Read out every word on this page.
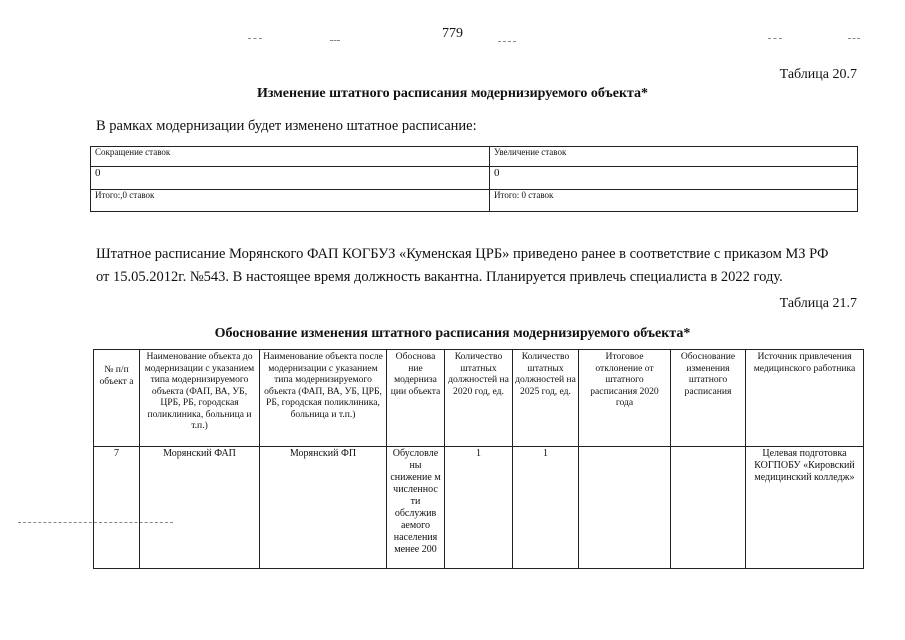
779
Таблица 20.7
Изменение штатного расписания модернизируемого объекта*
В рамках модернизации будет изменено штатное расписание:
Сокращение ставок	Увеличение ставок
0	0
Итого:,0 ставок	Итого: 0 ставок
Штатное расписание Морянского ФАП КОГБУЗ «Куменская ЦРБ» приведено ранее в соответствие с приказом МЗ РФ
от 15.05.2012г. №543. В настоящее время должность вакантна. Планируется привлечь специалиста в 2022 году.
Таблица 21.7
Обоснование изменения штатного расписания модернизируемого объекта*
№ п/п объект а	Наименование объекта до модернизации с указанием типа модернизируемого объекта (ФАП, ВА, УБ, ЦРБ, РБ, городская поликлиника, больница и т.п.)	Наименование объекта после модернизации с указанием типа модернизируемого объекта (ФАП, ВА, УБ, ЦРБ, РБ, городская поликлиника, больница и т.п.)	Обоснова ние модерниза ции объекта	Количество штатных должностей на 2020 год, ед.	Количество штатных должностей на 2025 год, ед.	Итоговое отклонение от штатного расписания 2020 года	Обоснование изменения штатного расписания	Источник привлечения медицинского работника
7	Морянский ФАП	Морянский ФП	Обусловле ны снижение м численнос ти обслужив аемого населения менее 200	1	1			Целевая подготовка КОГПОБУ «Кировский медицинский колледж»
